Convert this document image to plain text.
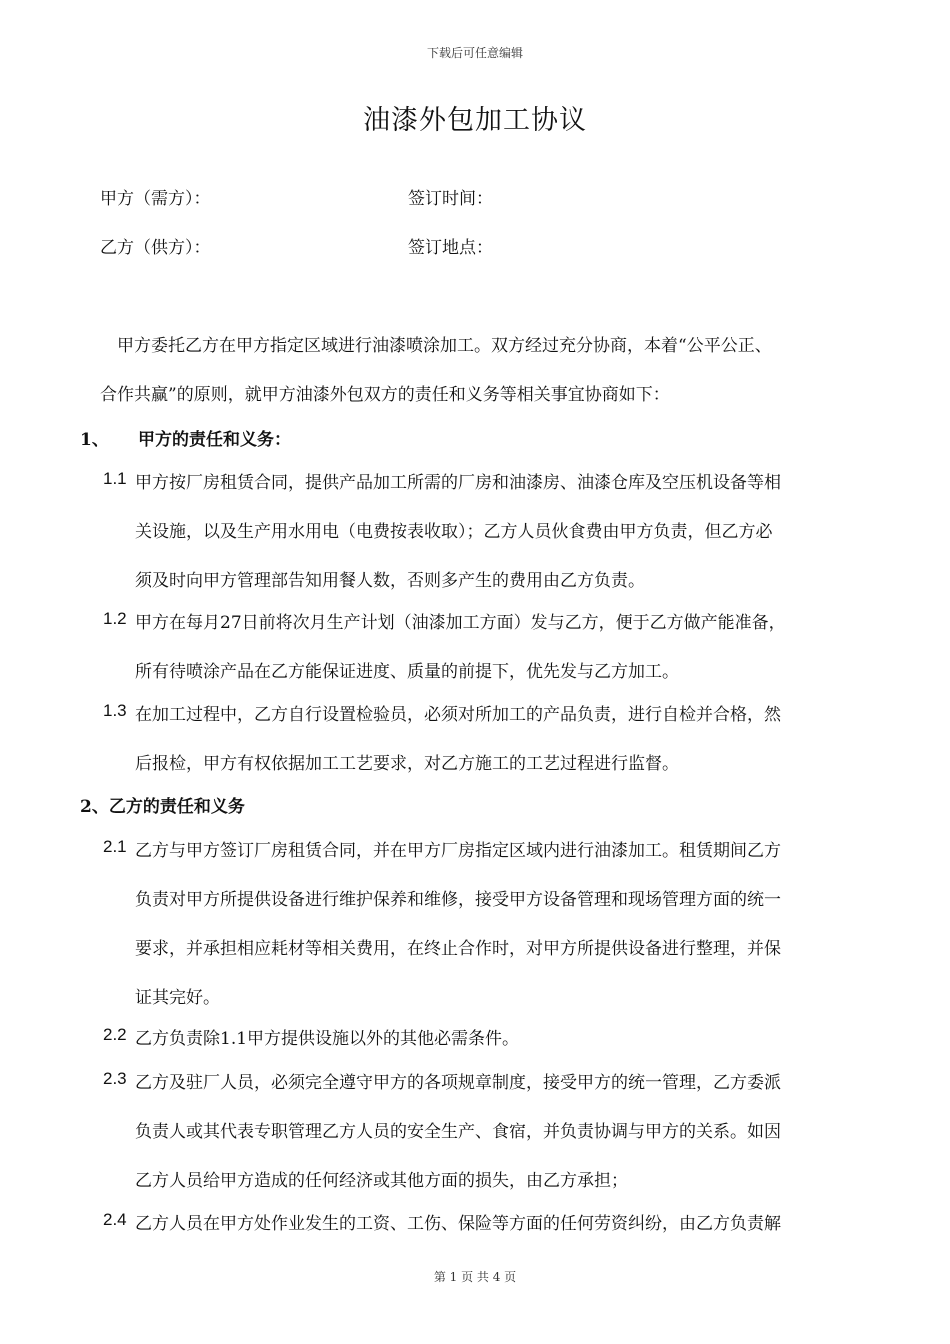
下载后可任意编辑
油漆外包加工协议
甲方（需方）：	签订时间：
乙方（供方）：	签订地点：
甲方委托乙方在甲方指定区域进行油漆喷涂加工。双方经过充分协商，本着“公平公正、
合作共赢”的原则，就甲方油漆外包双方的责任和义务等相关事宜协商如下：
1、 甲方的责任和义务：
1.1 甲方按厂房租赁合同，提供产品加工所需的厂房和油漆房、油漆仓库及空压机设备等相
关设施，以及生产用水用电（电费按表收取）；乙方人员伙食费由甲方负责，但乙方必
须及时向甲方管理部告知用餐人数，否则多产生的费用由乙方负责。
1.2 甲方在每月27日前将次月生产计划（油漆加工方面）发与乙方，便于乙方做产能准备，
所有待喷涂产品在乙方能保证进度、质量的前提下，优先发与乙方加工。
1.3 在加工过程中，乙方自行设置检验员，必须对所加工的产品负责，进行自检并合格，然
后报检，甲方有权依据加工工艺要求，对乙方施工的工艺过程进行监督。
2、乙方的责任和义务
2.1 乙方与甲方签订厂房租赁合同，并在甲方厂房指定区域内进行油漆加工。租赁期间乙方
负责对甲方所提供设备进行维护保养和维修，接受甲方设备管理和现场管理方面的统一
要求，并承担相应耗材等相关费用，在终止合作时，对甲方所提供设备进行整理，并保
证其完好。
2.2 乙方负责除1.1甲方提供设施以外的其他必需条件。
2.3 乙方及驻厂人员，必须完全遵守甲方的各项规章制度，接受甲方的统一管理，乙方委派
负责人或其代表专职管理乙方人员的安全生产、食宿，并负责协调与甲方的关系。如因
乙方人员给甲方造成的任何经济或其他方面的损失，由乙方承担；
2.4 乙方人员在甲方处作业发生的工资、工伤、保险等方面的任何劳资纠纷，由乙方负责解
第 1 页 共 4 页
